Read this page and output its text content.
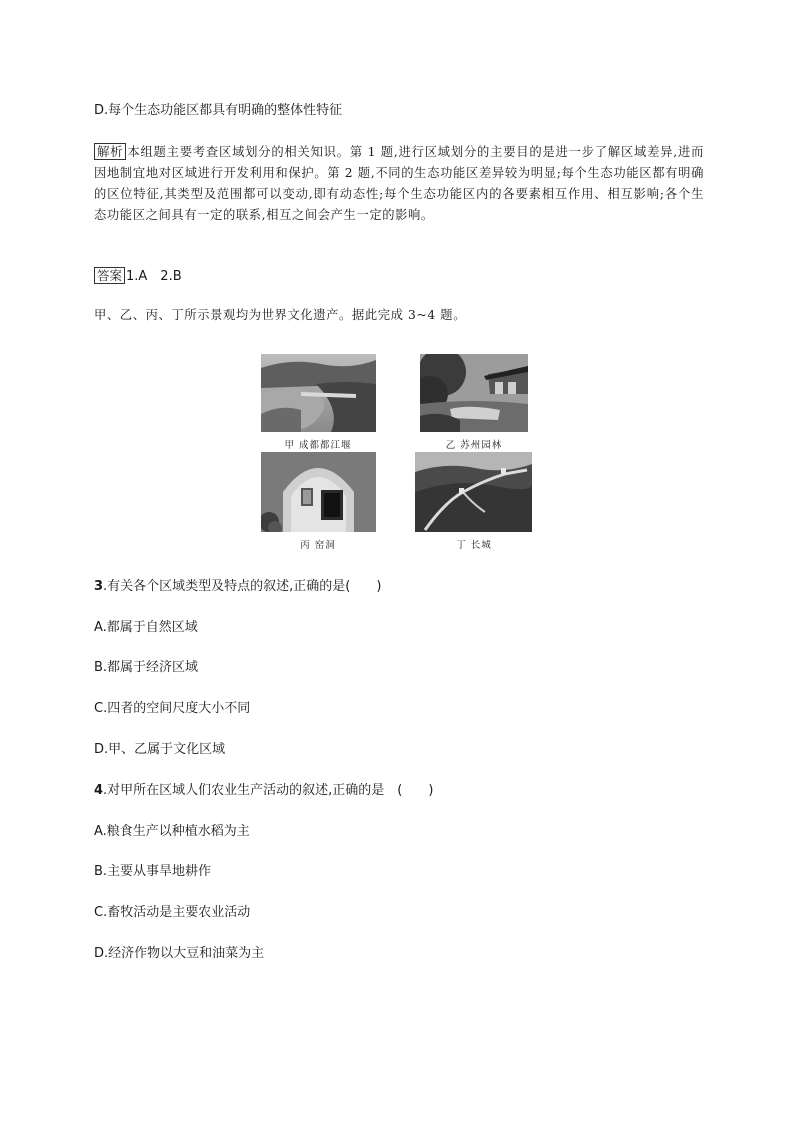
D.每个生态功能区都具有明确的整体性特征
解析 本组题主要考查区域划分的相关知识。第 1 题,进行区域划分的主要目的是进一步了解区域差异,进而因地制宜地对区域进行开发利用和保护。第 2 题,不同的生态功能区差异较为明显;每个生态功能区都有明确的区位特征,其类型及范围都可以变动,即有动态性;每个生态功能区内的各要素相互作用、相互影响;各个生态功能区之间具有一定的联系,相互之间会产生一定的影响。
答案 1.A　2.B
甲、乙、丙、丁所示景观均为世界文化遗产。据此完成 3~4 题。
甲 成都都江堰	乙 苏州园林
丙 窑洞	丁 长城
3.有关各个区域类型及特点的叙述,正确的是(　　)
A.都属于自然区域
B.都属于经济区域
C.四者的空间尺度大小不同
D.甲、乙属于文化区域
4.对甲所在区域人们农业生产活动的叙述,正确的是　(　　)
A.粮食生产以种植水稻为主
B.主要从事旱地耕作
C.畜牧活动是主要农业活动
D.经济作物以大豆和油菜为主
